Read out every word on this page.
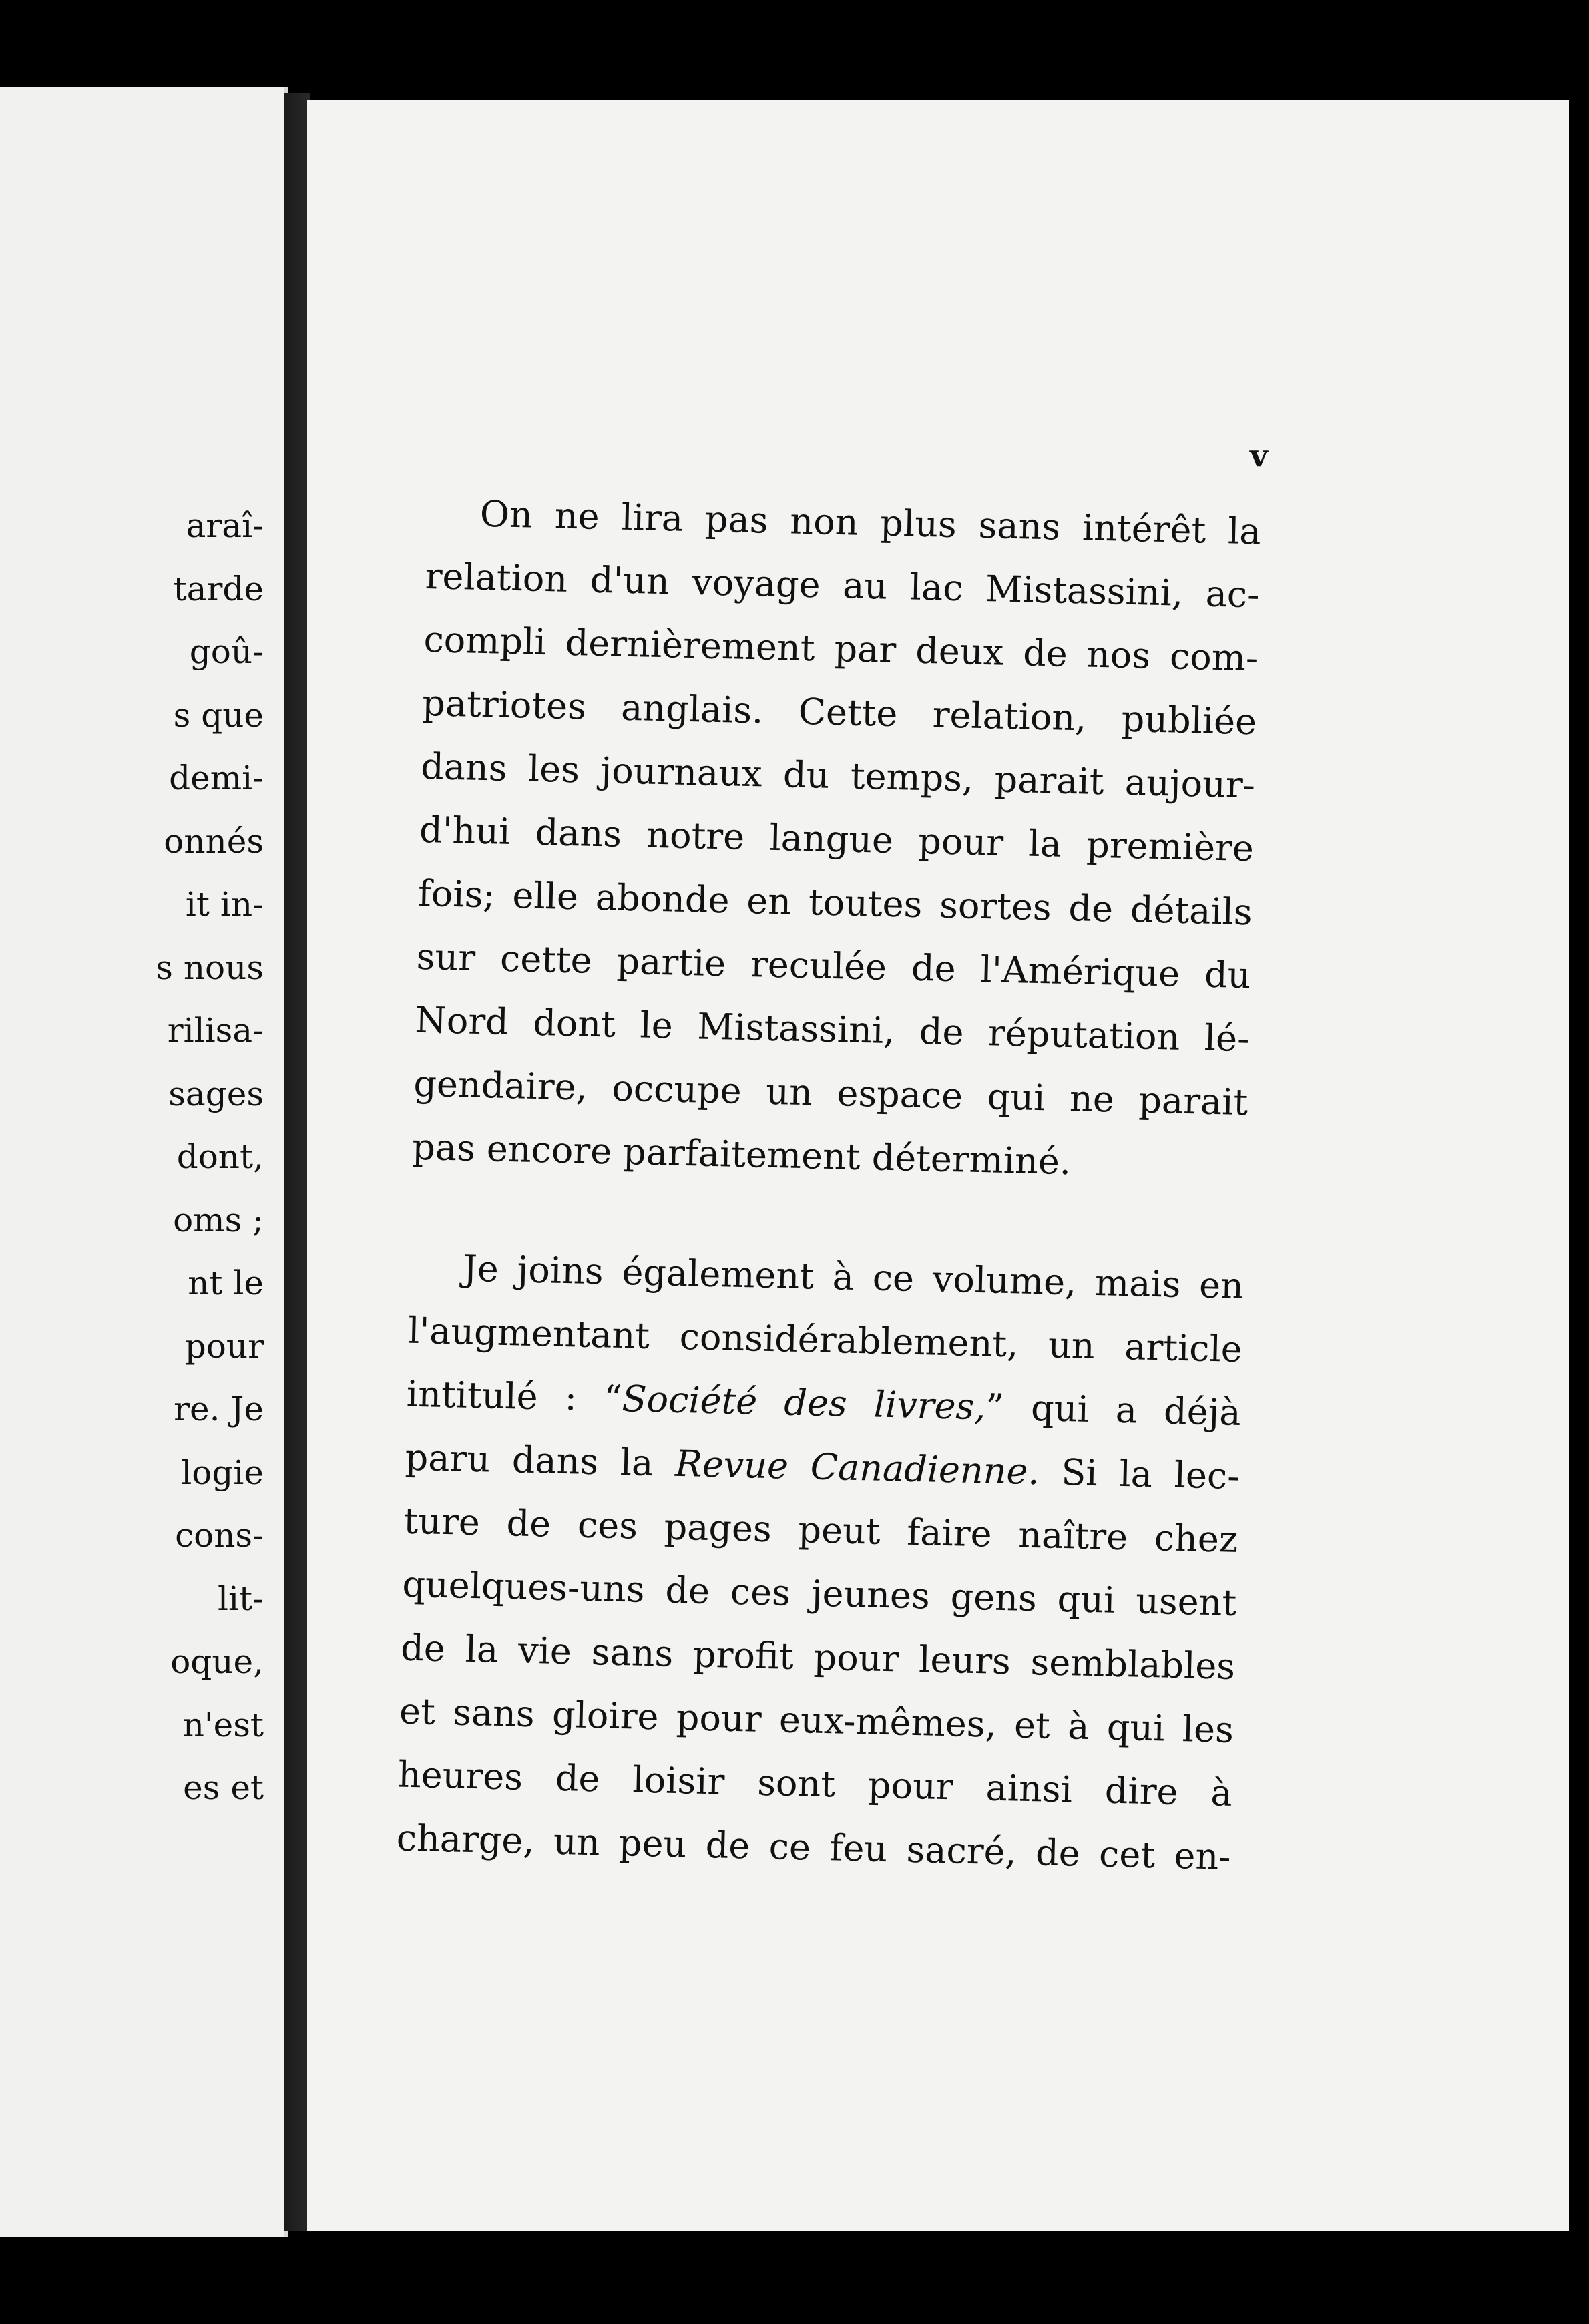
araî-
tarde
goû-
s que
demi-
onnés
it in-
s nous
rilisa-
sages
dont,
oms ;
nt le
pour
re. Je
logie
cons-
lit-
oque,
n'est
es et
v
On ne lira pas non plus sans intérêt la
relation d'un voyage au lac Mistassini, ac-
compli dernièrement par deux de nos com-
patriotes anglais. Cette relation, publiée
dans les journaux du temps, parait aujour-
d'hui dans notre langue pour la première
fois; elle abonde en toutes sortes de détails
sur cette partie reculée de l'Amérique du
Nord dont le Mistassini, de réputation lé-
gendaire, occupe un espace qui ne parait
pas encore parfaitement déterminé.
Je joins également à ce volume, mais en
l'augmentant considérablement, un article
intitulé : “Société des livres,” qui a déjà
paru dans la Revue Canadienne. Si la lec-
ture de ces pages peut faire naître chez
quelques-uns de ces jeunes gens qui usent
de la vie sans profit pour leurs semblables
et sans gloire pour eux-mêmes, et à qui les
heures de loisir sont pour ainsi dire à
charge, un peu de ce feu sacré, de cet en-
